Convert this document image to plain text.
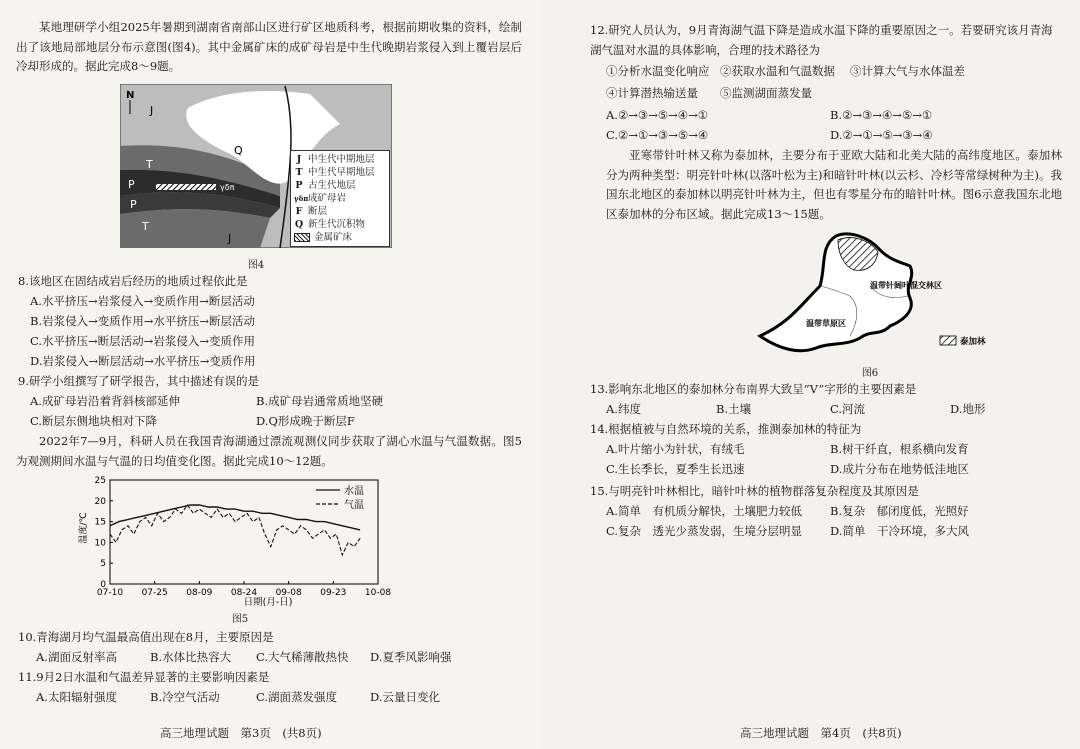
某地理研学小组2025年暑期到湖南省南部山区进行矿区地质科考，根据前期收集的资料，绘制出了该地局部地层分布示意图(图4)。其中金属矿床的成矿母岩是中生代晚期岩浆侵入到上覆岩层后冷却形成的。据此完成8～9题。
N
J
Q
T
P	γδπ
P
T
J
J 中生代中期地层
T 中生代早期地层
P 古生代地层
γδπ 成矿母岩
F 断层
Q 新生代沉积物
金属矿床
图4
8.该地区在固结成岩后经历的地质过程依此是
A.水平挤压→岩浆侵入→变质作用→断层活动
B.岩浆侵入→变质作用→水平挤压→断层活动
C.水平挤压→断层活动→岩浆侵入→变质作用
D.岩浆侵入→断层活动→水平挤压→变质作用
9.研学小组撰写了研学报告，其中描述有误的是
A.成矿母岩沿着背斜核部延伸	B.成矿母岩通常质地坚硬
C.断层东侧地块相对下降	D.Q形成晚于断层F
2022年7—9月，科研人员在我国青海湖通过漂流观测仪同步获取了湖心水温与气温数据。图5为观测期间水温与气温的日均值变化图。据此完成10～12题。
温度/℃
0
5
10
15
20
25
07-10 07-25 08-09 08-24 09-08 09-23 10-08
水温
气温
日期(月-日)
图5
10.青海湖月均气温最高值出现在8月，主要原因是
A.湖面反射率高	B.水体比热容大 C.大气稀薄散热快 D.夏季风影响强
11.9月2日水温和气温差异显著的主要影响因素是
A.太阳辐射强度	B.冷空气活动	C.湖面蒸发强度	D.云量日变化
高三地理试题　第3页　(共8页)
12.研究人员认为，9月青海湖气温下降是造成水温下降的重要原因之一。若要研究该月青海湖气温对水温的具体影响，合理的技术路径为
①分析水温变化响应 ②获取水温和气温数据 ③计算大气与水体温差
④计算潜热输送量 ⑤监测湖面蒸发量
A.②→③→⑤→④→①	B.②→③→④→⑤→①
C.②→①→③→⑤→④	D.②→①→⑤→③→④
亚寒带针叶林又称为泰加林，主要分布于亚欧大陆和北美大陆的高纬度地区。泰加林分为两种类型：明亮针叶林(以落叶松为主)和暗针叶林(以云杉、冷杉等常绿树种为主)。我国东北地区的泰加林以明亮针叶林为主，但也有零星分布的暗针叶林。图6示意我国东北地区泰加林的分布区域。据此完成13～15题。
温带针阔叶混交林区
温带草原区
泰加林
图6
13.影响东北地区的泰加林分布南界大致呈“V”字形的主要因素是
A.纬度	B.土壤	C.河流	D.地形
14.根据植被与自然环境的关系，推测泰加林的特征为
A.叶片缩小为针状，有绒毛	B.树干纤直，根系横向发育
C.生长季长，夏季生长迅速	D.成片分布在地势低洼地区
15.与明亮针叶林相比，暗针叶林的植物群落复杂程度及其原因是
A.简单　有机质分解快，土壤肥力较低 B.复杂　郁闭度低，光照好
C.复杂　透光少蒸发弱，生境分层明显 D.简单　干冷环境，多大风
高三地理试题　第4页　(共8页)
